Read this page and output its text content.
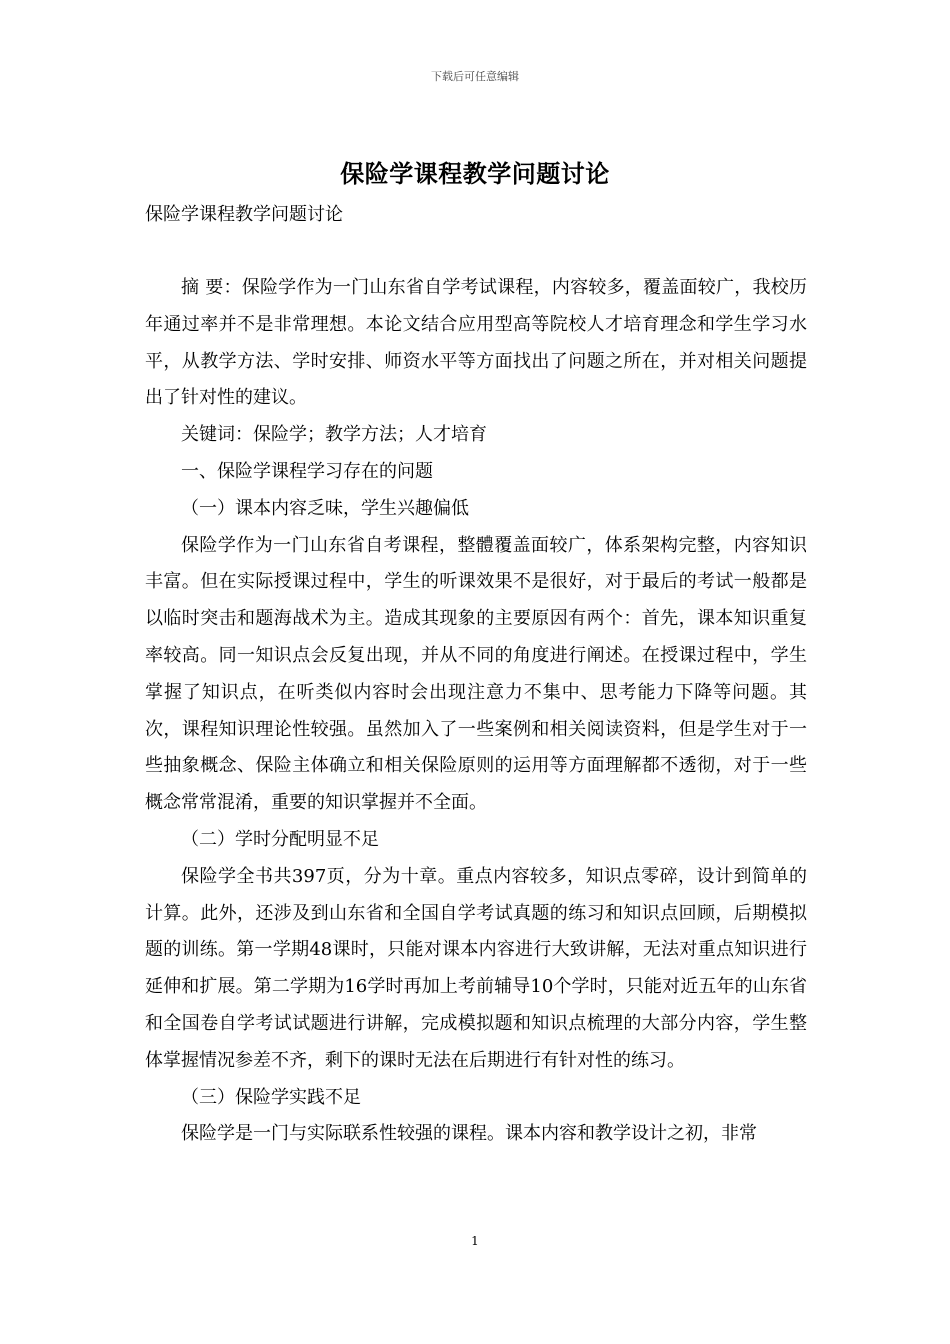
下载后可任意编辑
保险学课程教学问题讨论
保险学课程教学问题讨论

摘 要：保险学作为一门山东省自学考试课程，内容较多，覆盖面较广，我校历年通过率并不是非常理想。本论文结合应用型高等院校人才培育理念和学生学习水平，从教学方法、学时安排、师资水平等方面找出了问题之所在，并对相关问题提出了针对性的建议。

关键词：保险学；教学方法；人才培育

一、保险学课程学习存在的问题

（一）课本内容乏味，学生兴趣偏低

保险学作为一门山东省自考课程，整體覆盖面较广，体系架构完整，内容知识丰富。但在实际授课过程中，学生的听课效果不是很好，对于最后的考试一般都是以临时突击和题海战术为主。造成其现象的主要原因有两个：首先，课本知识重复率较高。同一知识点会反复出现，并从不同的角度进行阐述。在授课过程中，学生掌握了知识点，在听类似内容时会出现注意力不集中、思考能力下降等问题。其次，课程知识理论性较强。虽然加入了一些案例和相关阅读资料，但是学生对于一些抽象概念、保险主体确立和相关保险原则的运用等方面理解都不透彻，对于一些概念常常混淆，重要的知识掌握并不全面。

（二）学时分配明显不足

保险学全书共397页，分为十章。重点内容较多，知识点零碎，设计到简单的计算。此外，还涉及到山东省和全国自学考试真题的练习和知识点回顾，后期模拟题的训练。第一学期48课时，只能对课本内容进行大致讲解，无法对重点知识进行延伸和扩展。第二学期为16学时再加上考前辅导10个学时，只能对近五年的山东省和全国卷自学考试试题进行讲解，完成模拟题和知识点梳理的大部分内容，学生整体掌握情况参差不齐，剩下的课时无法在后期进行有针对性的练习。

（三）保险学实践不足

保险学是一门与实际联系性较强的课程。课本内容和教学设计之初，非常

1
